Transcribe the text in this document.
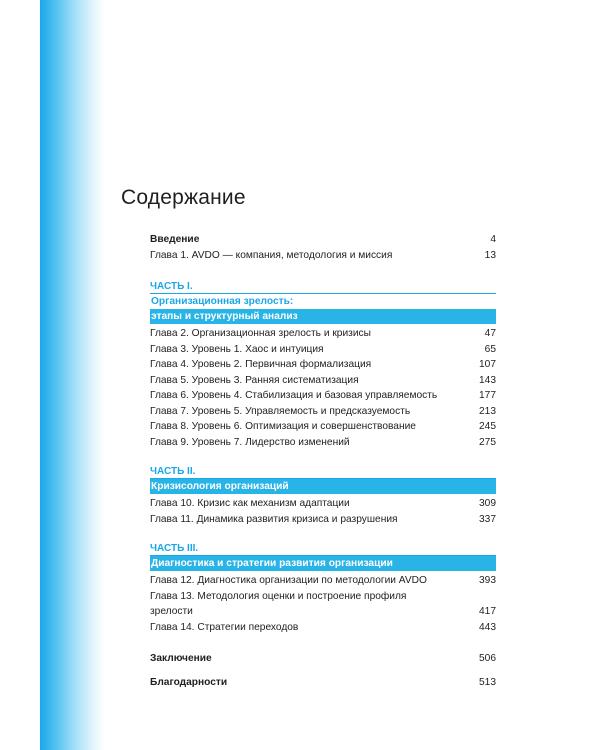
Содержание
Введение	4
Глава 1. AVDO — компания, методология и миссия	13
ЧАСТЬ I.
Организационная зрелость:
этапы и структурный анализ
Глава 2. Организационная зрелость и кризисы	47
Глава 3. Уровень 1. Хаос и интуиция	65
Глава 4. Уровень 2. Первичная формализация	107
Глава 5. Уровень 3. Ранняя систематизация	143
Глава 6. Уровень 4. Стабилизация и базовая управляемость	177
Глава 7. Уровень 5. Управляемость и предсказуемость	213
Глава 8. Уровень 6. Оптимизация и совершенствование	245
Глава 9. Уровень 7. Лидерство изменений	275
ЧАСТЬ II.
Кризисология организаций
Глава 10. Кризис как механизм адаптации	309
Глава 11. Динамика развития кризиса и разрушения	337
ЧАСТЬ III.
Диагностика и стратегии развития организации
Глава 12. Диагностика организации по методологии AVDO	393
Глава 13. Методология оценки и построение профиля зрелости	417
Глава 14. Стратегии переходов	443
Заключение	506
Благодарности	513
